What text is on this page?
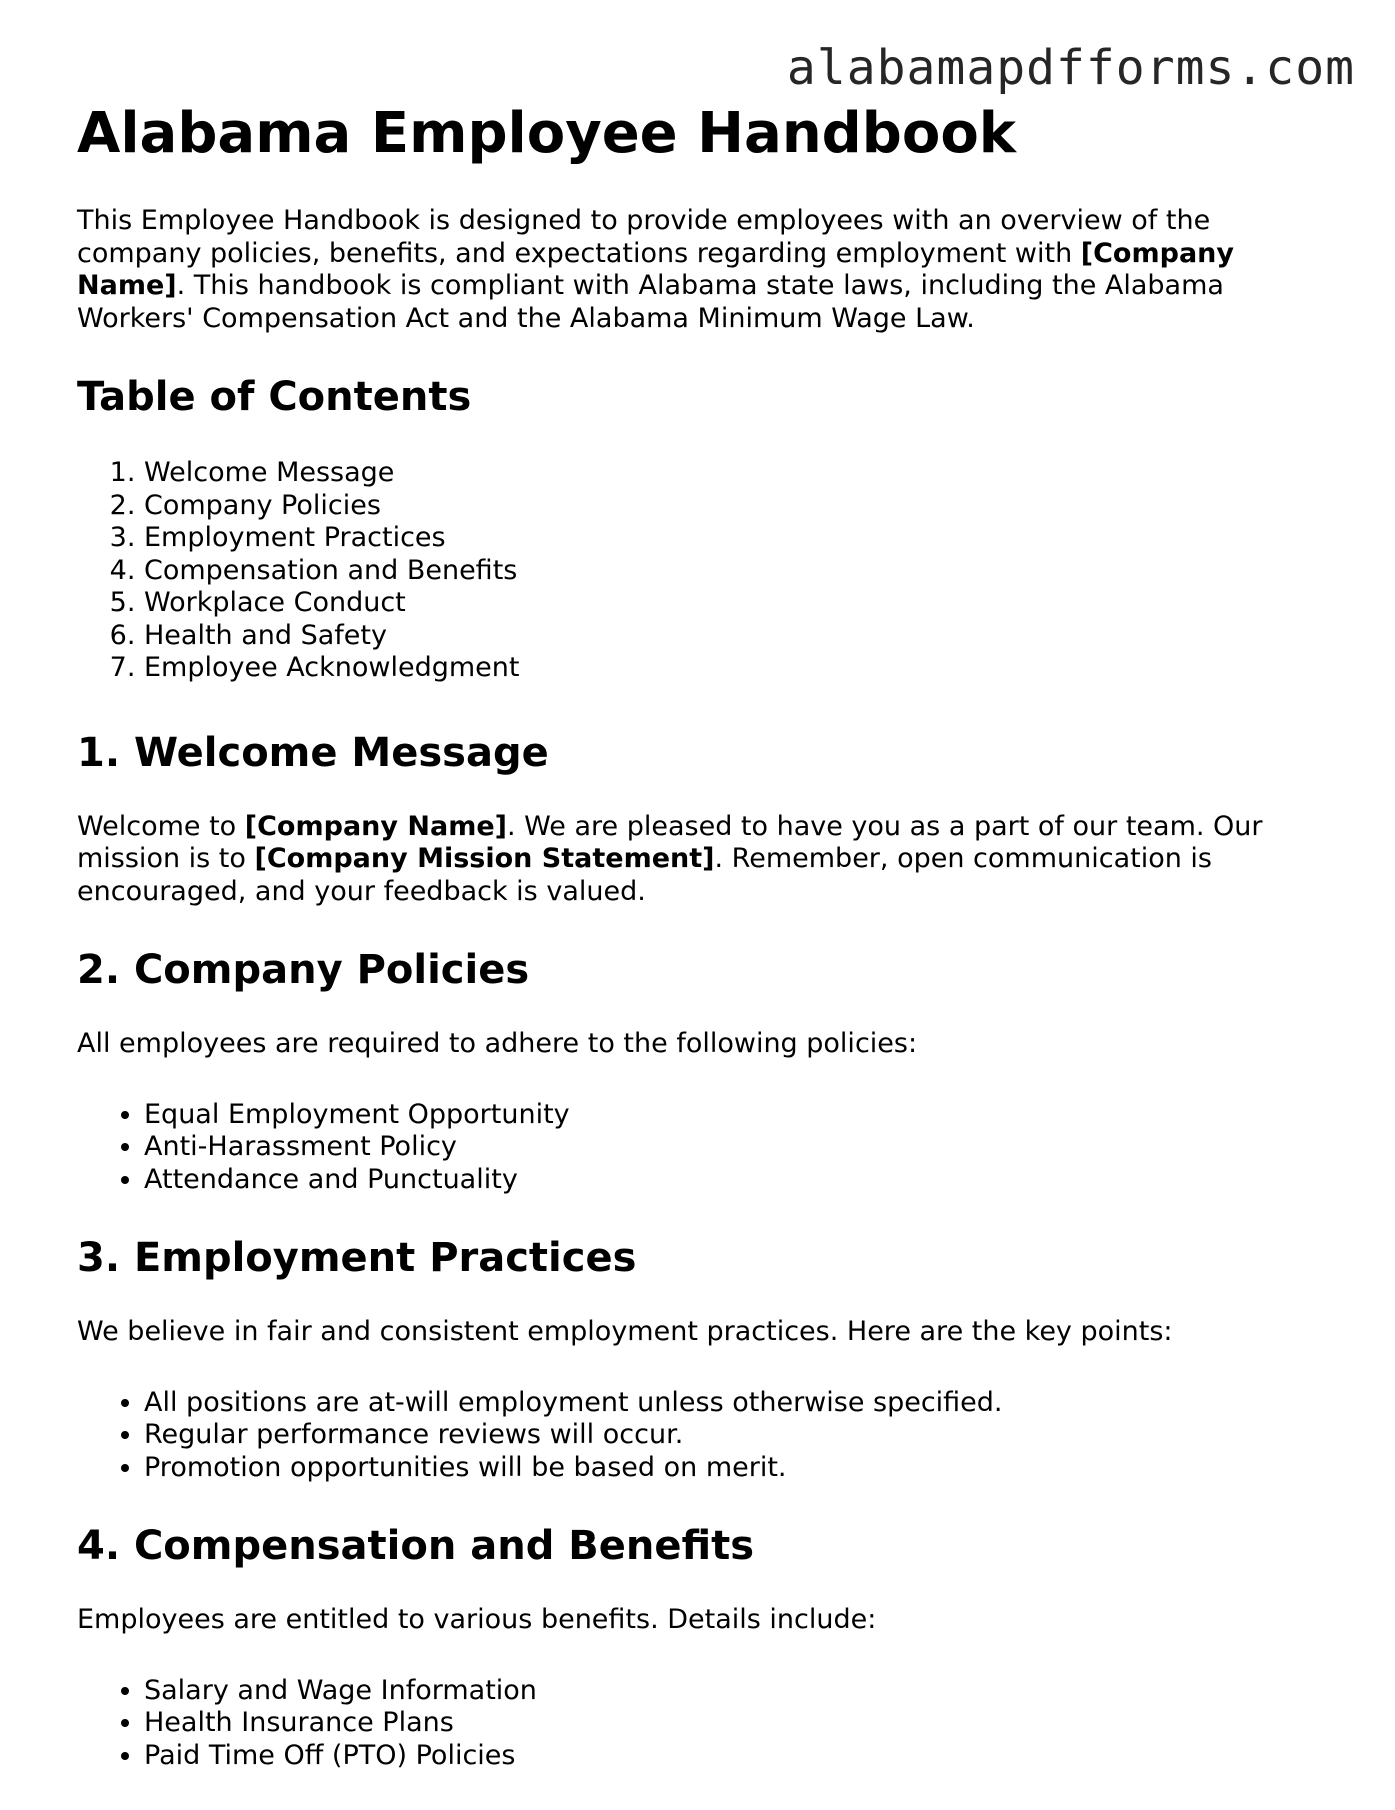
alabamapdfforms.com
Alabama Employee Handbook

This Employee Handbook is designed to provide employees with an overview of the company policies, benefits, and expectations regarding employment with [Company Name]. This handbook is compliant with Alabama state laws, including the Alabama Workers' Compensation Act and the Alabama Minimum Wage Law.

Table of Contents
1. Welcome Message
2. Company Policies
3. Employment Practices
4. Compensation and Benefits
5. Workplace Conduct
6. Health and Safety
7. Employee Acknowledgment
1. Welcome Message

Welcome to [Company Name]. We are pleased to have you as a part of our team. Our mission is to [Company Mission Statement]. Remember, open communication is encouraged, and your feedback is valued.

2. Company Policies

All employees are required to adhere to the following policies:

• Equal Employment Opportunity
• Anti-Harassment Policy
• Attendance and Punctuality
3. Employment Practices

We believe in fair and consistent employment practices. Here are the key points:

• All positions are at-will employment unless otherwise specified.
• Regular performance reviews will occur.
• Promotion opportunities will be based on merit.
4. Compensation and Benefits

Employees are entitled to various benefits. Details include:

• Salary and Wage Information
• Health Insurance Plans
• Paid Time Off (PTO) Policies
